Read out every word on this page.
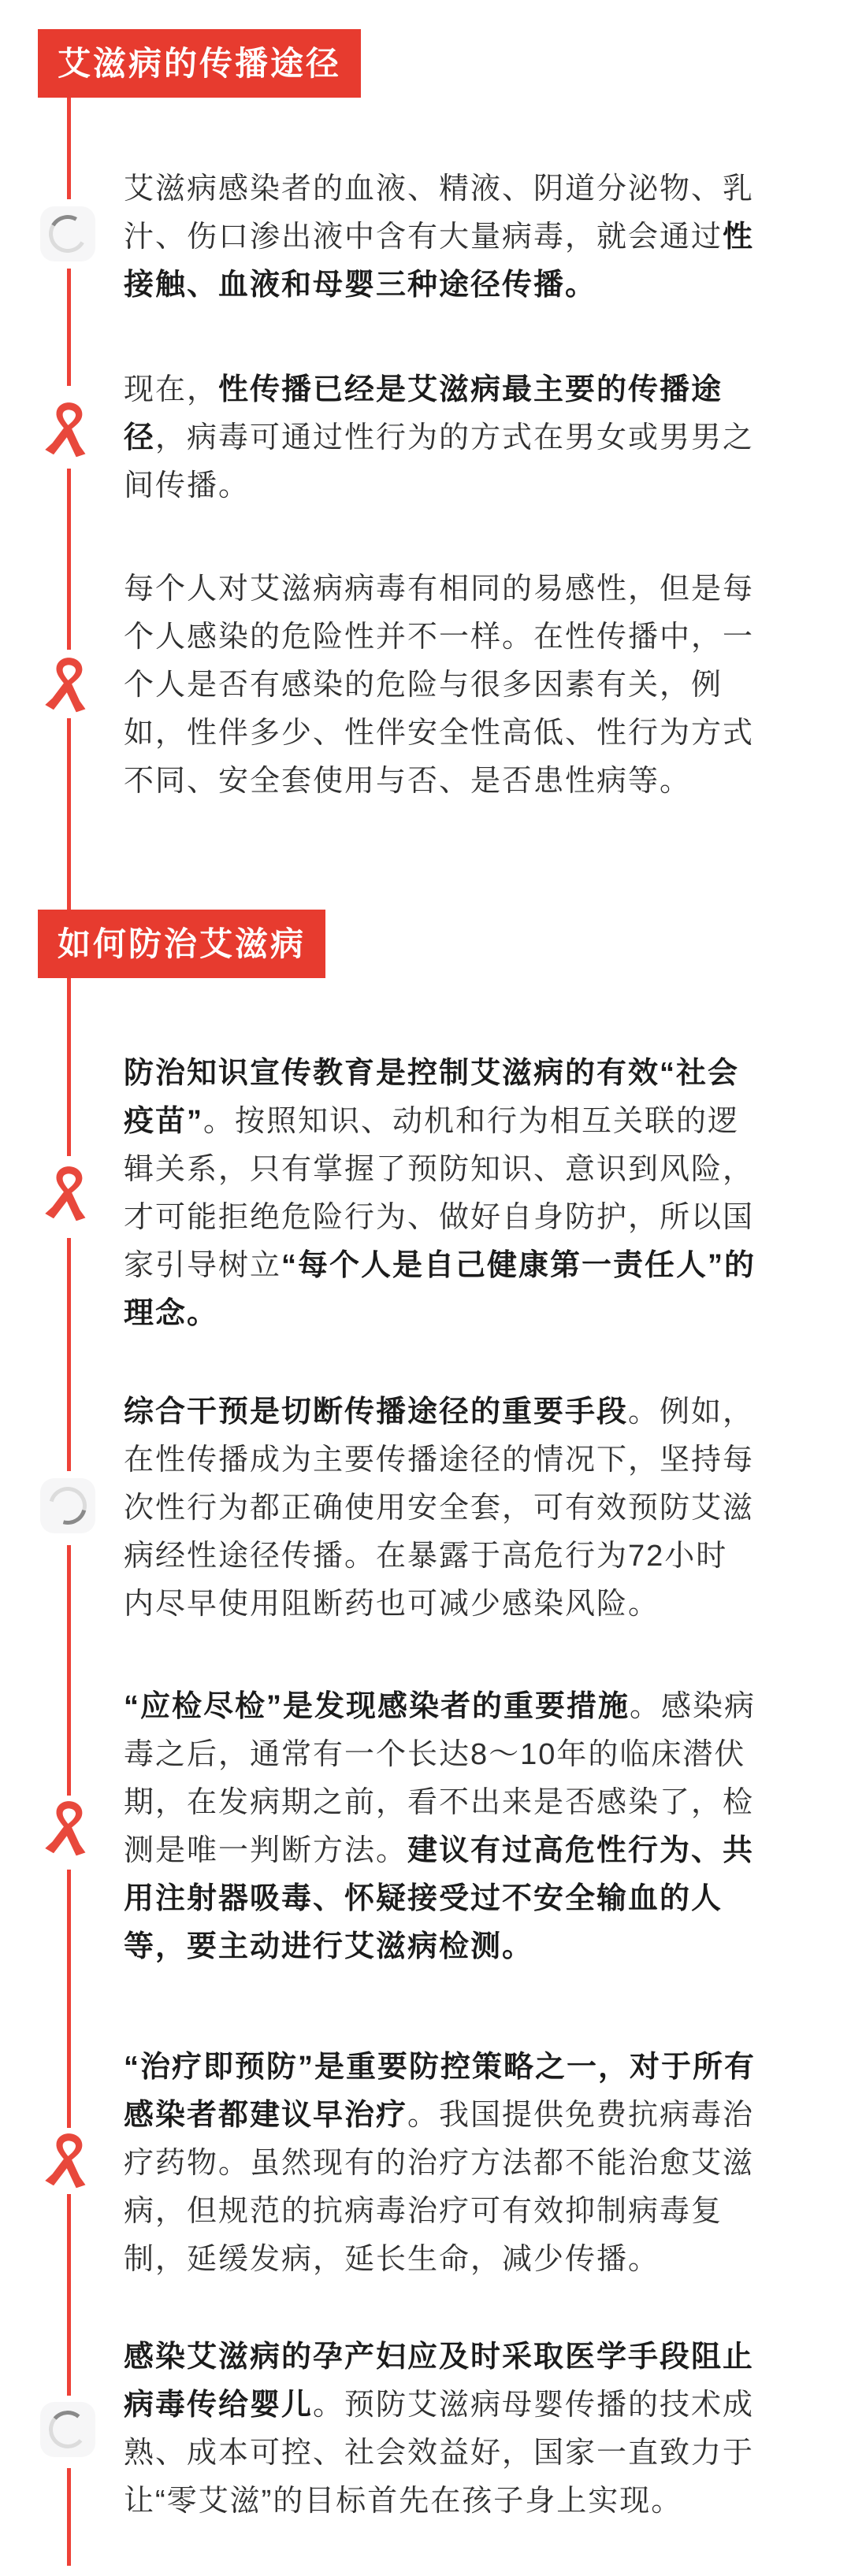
艾滋病的传播途径
如何防治艾滋病
艾滋病感染者的血液、精液、阴道分泌物、乳汁、伤口渗出液中含有大量病毒，就会通过性接触、血液和母婴三种途径传播。
现在，性传播已经是艾滋病最主要的传播途径，病毒可通过性行为的方式在男女或男男之间传播。
每个人对艾滋病病毒有相同的易感性，但是每个人感染的危险性并不一样。在性传播中，一个人是否有感染的危险与很多因素有关，例如，性伴多少、性伴安全性高低、性行为方式不同、安全套使用与否、是否患性病等。
防治知识宣传教育是控制艾滋病的有效“社会疫苗”。按照知识、动机和行为相互关联的逻辑关系，只有掌握了预防知识、意识到风险，才可能拒绝危险行为、做好自身防护，所以国家引导树立“每个人是自己健康第一责任人”的理念。
综合干预是切断传播途径的重要手段。例如，在性传播成为主要传播途径的情况下，坚持每次性行为都正确使用安全套，可有效预防艾滋病经性途径传播。在暴露于高危行为72小时内尽早使用阻断药也可减少感染风险。
“应检尽检”是发现感染者的重要措施。感染病毒之后，通常有一个长达8～10年的临床潜伏期，在发病期之前，看不出来是否感染了，检测是唯一判断方法。建议有过高危性行为、共用注射器吸毒、怀疑接受过不安全输血的人等，要主动进行艾滋病检测。
“治疗即预防”是重要防控策略之一，对于所有感染者都建议早治疗。我国提供免费抗病毒治疗药物。虽然现有的治疗方法都不能治愈艾滋病，但规范的抗病毒治疗可有效抑制病毒复制，延缓发病，延长生命，减少传播。
感染艾滋病的孕产妇应及时采取医学手段阻止病毒传给婴儿。预防艾滋病母婴传播的技术成熟、成本可控、社会效益好，国家一直致力于让“零艾滋”的目标首先在孩子身上实现。
